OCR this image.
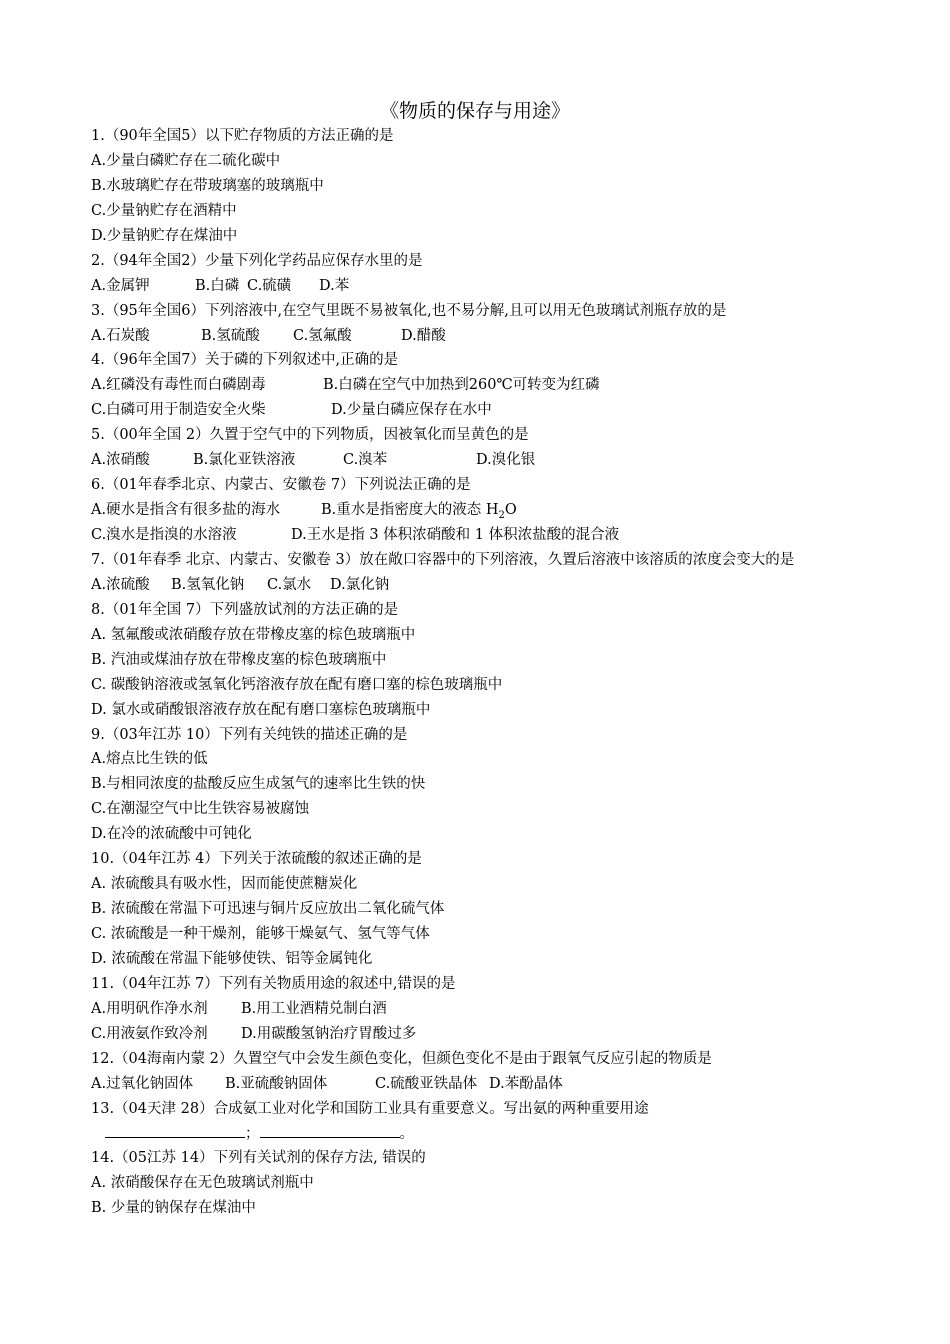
《物质的保存与用途》
1.（90年全国5）以下贮存物质的方法正确的是
A.少量白磷贮存在二硫化碳中
B.水玻璃贮存在带玻璃塞的玻璃瓶中
C.少量钠贮存在酒精中
D.少量钠贮存在煤油中
2.（94年全国2）少量下列化学药品应保存水里的是
A.金属钾	B.白磷 C.硫磺	D.苯
3.（95年全国6）下列溶液中,在空气里既不易被氧化,也不易分解,且可以用无色玻璃试剂瓶存放的是
A.石炭酸	B.氢硫酸	C.氢氟酸	D.醋酸
4.（96年全国7）关于磷的下列叙述中,正确的是
A.红磷没有毒性而白磷剧毒	B.白磷在空气中加热到260℃可转变为红磷
C.白磷可用于制造安全火柴	D.少量白磷应保存在水中
5.（00年全国 2）久置于空气中的下列物质，因被氧化而呈黄色的是
A.浓硝酸	B.氯化亚铁溶液	C.溴苯	D.溴化银
6.（01年春季北京、内蒙古、安徽卷 7）下列说法正确的是
A.硬水是指含有很多盐的海水	B.重水是指密度大的液态 $H_2O$
C.溴水是指溴的水溶液	D.王水是指 3 体积浓硝酸和 1 体积浓盐酸的混合液
7.（01年春季 北京、内蒙古、安徽卷 3）放在敞口容器中的下列溶液，久置后溶液中该溶质的浓度会变大的是
A.浓硫酸	B.氢氧化钠	C.氯水	D.氯化钠
8.（01年全国 7）下列盛放试剂的方法正确的是
A. 氢氟酸或浓硝酸存放在带橡皮塞的棕色玻璃瓶中
B. 汽油或煤油存放在带橡皮塞的棕色玻璃瓶中
C. 碳酸钠溶液或氢氧化钙溶液存放在配有磨口塞的棕色玻璃瓶中
D. 氯水或硝酸银溶液存放在配有磨口塞棕色玻璃瓶中
9.（03年江苏 10）下列有关纯铁的描述正确的是
A.熔点比生铁的低
B.与相同浓度的盐酸反应生成氢气的速率比生铁的快
C.在潮湿空气中比生铁容易被腐蚀
D.在冷的浓硫酸中可钝化
10.（04年江苏 4）下列关于浓硫酸的叙述正确的是
A. 浓硫酸具有吸水性，因而能使蔗糖炭化
B. 浓硫酸在常温下可迅速与铜片反应放出二氧化硫气体
C. 浓硫酸是一种干燥剂，能够干燥氨气、氢气等气体
D. 浓硫酸在常温下能够使铁、铝等金属钝化
11.（04年江苏 7）下列有关物质用途的叙述中,错误的是
A.用明矾作净水剂	B.用工业酒精兑制白酒
C.用液氨作致冷剂	D.用碳酸氢钠治疗胃酸过多
12.（04海南内蒙 2）久置空气中会发生颜色变化，但颜色变化不是由于跟氧气反应引起的物质是
A.过氧化钠固体	B.亚硫酸钠固体	C.硫酸亚铁晶体 D.苯酚晶体
13.（04天津 28）合成氨工业对化学和国防工业具有重要意义。写出氨的两种重要用途
；	。
14.（05江苏 14）下列有关试剂的保存方法, 错误的
A. 浓硝酸保存在无色玻璃试剂瓶中
B. 少量的钠保存在煤油中
